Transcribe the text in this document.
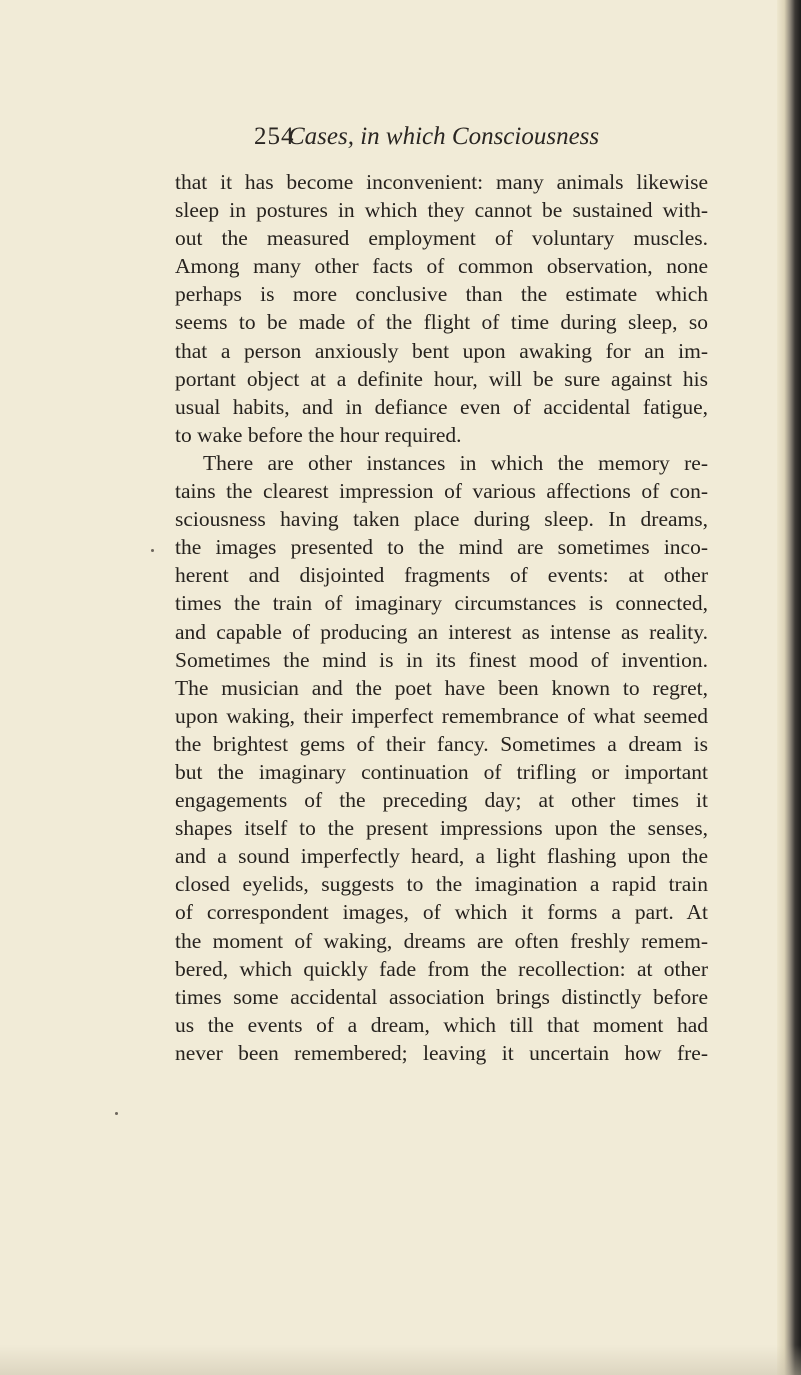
254
Cases, in which Consciousness
that it has become inconvenient: many animals likewise
sleep in postures in which they cannot be sustained with-
out the measured employment of voluntary muscles.
Among many other facts of common observation, none
perhaps is more conclusive than the estimate which
seems to be made of the flight of time during sleep, so
that a person anxiously bent upon awaking for an im-
portant object at a definite hour, will be sure against his
usual habits, and in defiance even of accidental fatigue,
to wake before the hour required.
There are other instances in which the memory re-
tains the clearest impression of various affections of con-
sciousness having taken place during sleep. In dreams,
the images presented to the mind are sometimes inco-
herent and disjointed fragments of events: at other
times the train of imaginary circumstances is connected,
and capable of producing an interest as intense as reality.
Sometimes the mind is in its finest mood of invention.
The musician and the poet have been known to regret,
upon waking, their imperfect remembrance of what seemed
the brightest gems of their fancy. Sometimes a dream is
but the imaginary continuation of trifling or important
engagements of the preceding day; at other times it
shapes itself to the present impressions upon the senses,
and a sound imperfectly heard, a light flashing upon the
closed eyelids, suggests to the imagination a rapid train
of correspondent images, of which it forms a part. At
the moment of waking, dreams are often freshly remem-
bered, which quickly fade from the recollection: at other
times some accidental association brings distinctly before
us the events of a dream, which till that moment had
never been remembered; leaving it uncertain how fre-
